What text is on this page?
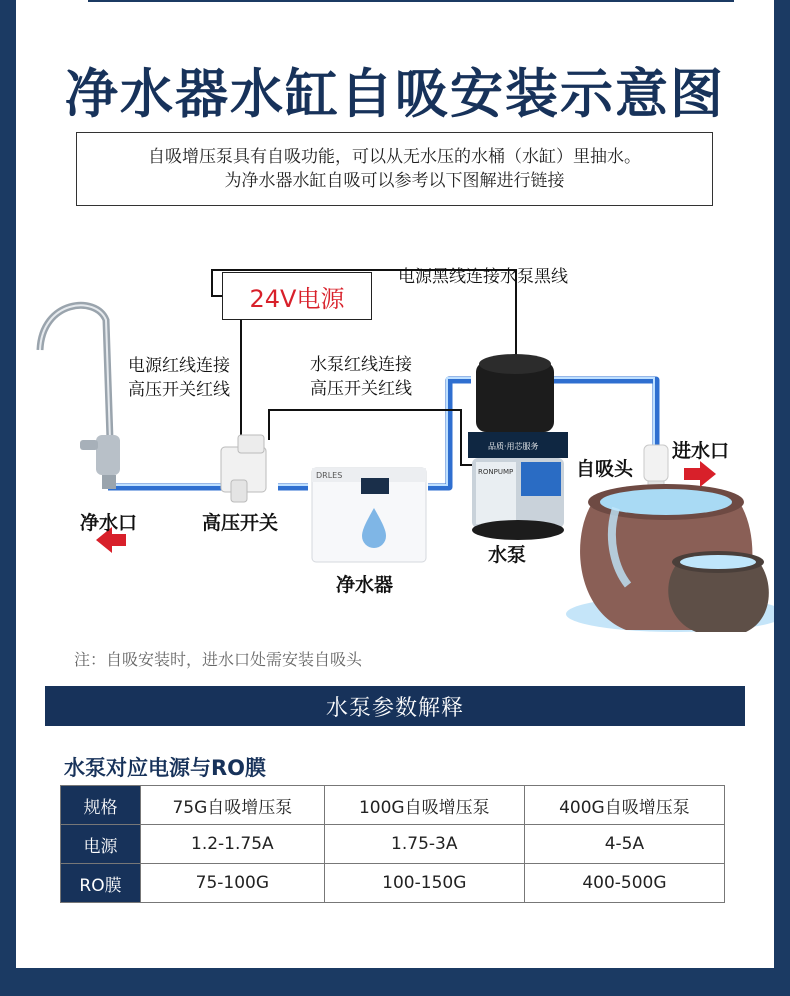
净水器水缸自吸安装示意图
自吸增压泵具有自吸功能，可以从无水压的水桶（水缸）里抽水。
为净水器水缸自吸可以参考以下图解进行链接
DRLES
品质·用芯服务
RONPUMP
24V电源
电源黑线连接水泵黑线
电源红线连接
高压开关红线
水泵红线连接
高压开关红线
净水口	高压开关
净水器
水泵
自吸头
进水口
注：自吸安装时，进水口处需安装自吸头
水泵参数解释
水泵对应电源与RO膜
规格	75G自吸增压泵	100G自吸增压泵	400G自吸增压泵
电源	1.2-1.75A	1.75-3A	4-5A
RO膜	75-100G	100-150G	400-500G
